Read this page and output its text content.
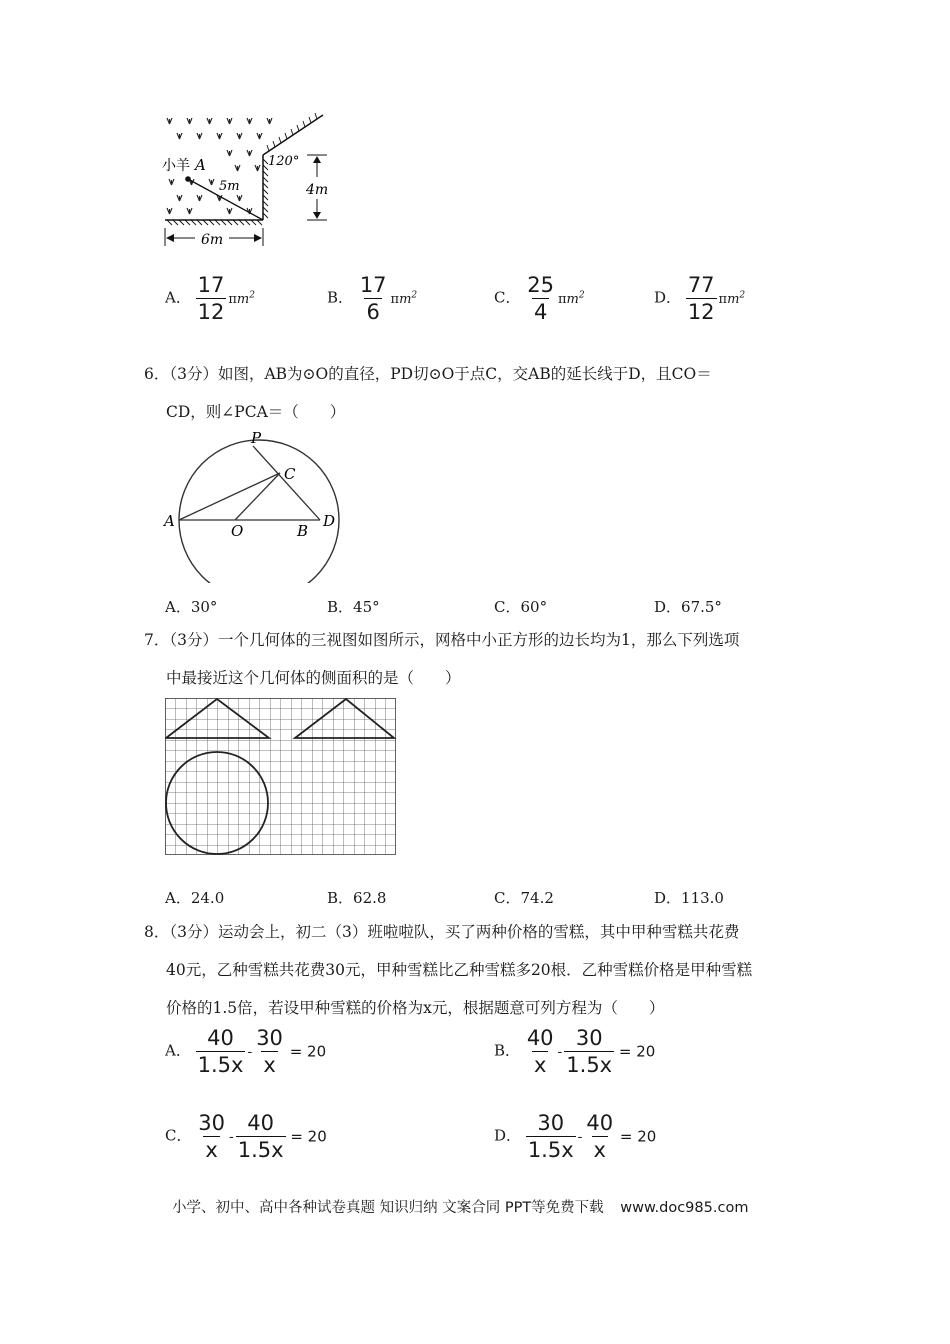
小羊 A
5m
120°
4m
6m
A． $\frac{17}{12} \pi m^2$	B． $\frac{17}{6} \pi m^2$	C． $\frac{25}{4} \pi m^2$	D． $\frac{77}{12} \pi m^2$
6．（3分）如图，AB为⊙O的直径，PD切⊙O于点C，交AB的延长线于D，且CO＝
CD，则∠PCA＝（　　）
P
C
A
O	B
D
A．30°	B．45°	C．60°	D．67.5°
7．（3分）一个几何体的三视图如图所示，网格中小正方形的边长均为1，那么下列选项
中最接近这个几何体的侧面积的是（　　）
A．24.0	B．62.8	C．74.2	D．113.0
8．（3分）运动会上，初二（3）班啦啦队，买了两种价格的雪糕，其中甲种雪糕共花费
40元，乙种雪糕共花费30元，甲种雪糕比乙种雪糕多20根．乙种雪糕价格是甲种雪糕
价格的1.5倍，若设甲种雪糕的价格为x元，根据题意可列方程为（　　）
A． $\frac{40}{1.5x} - \frac{30}{x} = 20$	B． $\frac{40}{x} - \frac{30}{1.5x} = 20$
C． $\frac{30}{x} - \frac{40}{1.5x} = 20$	D． $\frac{30}{1.5x} - \frac{40}{x} = 20$
小学、初中、高中各种试卷真题 知识归纳 文案合同 PPT等免费下载 www.doc985.com
